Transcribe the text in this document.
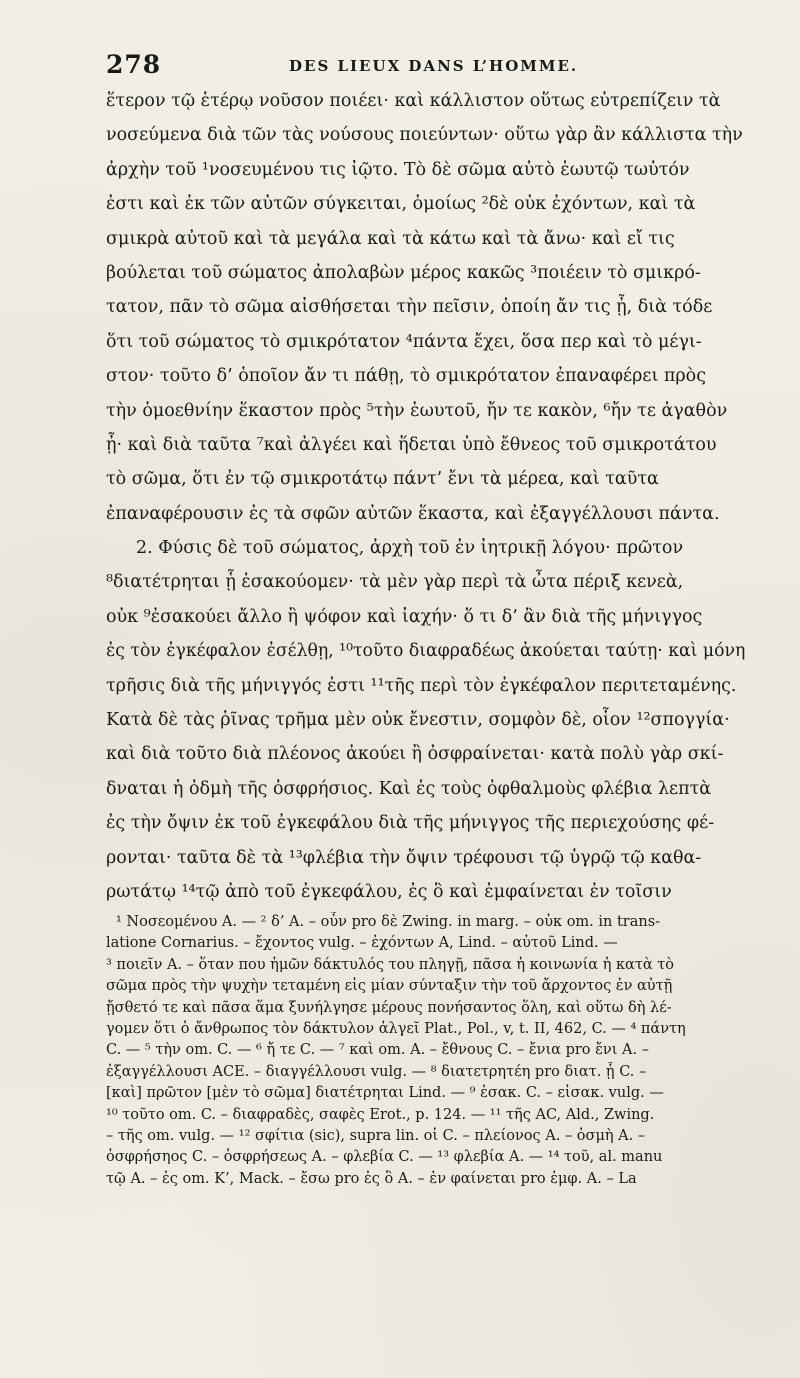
278	DES LIEUX DANS L’HOMME.
ἕτερον τῷ ἑτέρῳ νοῦσον ποιέει· καὶ κάλλιστον οὕτως εὐτρεπίζειν τὰ
νοσεύμενα διὰ τῶν τὰς νούσους ποιεύντων· οὕτω γὰρ ἂν κάλλιστα τὴν
ἀρχὴν τοῦ ¹νοσευμένου τις ἰῷτο. Τὸ δὲ σῶμα αὐτὸ ἑωυτῷ τωὐτόν
ἐστι καὶ ἐκ τῶν αὐτῶν σύγκειται, ὁμοίως ²δὲ οὐκ ἐχόντων, καὶ τὰ
σμικρὰ αὐτοῦ καὶ τὰ μεγάλα καὶ τὰ κάτω καὶ τὰ ἄνω· καὶ εἴ τις
βούλεται τοῦ σώματος ἀπολαβὼν μέρος κακῶς ³ποιέειν τὸ σμικρό-
τατον, πᾶν τὸ σῶμα αἰσθήσεται τὴν πεῖσιν, ὁποίη ἄν τις ᾖ, διὰ τόδε
ὅτι τοῦ σώματος τὸ σμικρότατον ⁴πάντα ἔχει, ὅσα περ καὶ τὸ μέγι-
στον· τοῦτο δ’ ὁποῖον ἄν τι πάθῃ, τὸ σμικρότατον ἐπαναφέρει πρὸς
τὴν ὁμοεθνίην ἕκαστον πρὸς ⁵τὴν ἑωυτοῦ, ἤν τε κακὸν, ⁶ἤν τε ἀγαθὸν
ᾖ· καὶ διὰ ταῦτα ⁷καὶ ἀλγέει καὶ ἥδεται ὑπὸ ἔθνεος τοῦ σμικροτάτου
τὸ σῶμα, ὅτι ἐν τῷ σμικροτάτῳ πάντ’ ἔνι τὰ μέρεα, καὶ ταῦτα
ἐπαναφέρουσιν ἐς τὰ σφῶν αὐτῶν ἕκαστα, καὶ ἐξαγγέλλουσι πάντα.
2. Φύσις δὲ τοῦ σώματος, ἀρχὴ τοῦ ἐν ἰητρικῇ λόγου· πρῶτον
⁸διατέτρηται ᾗ ἐσακούομεν· τὰ μὲν γὰρ περὶ τὰ ὦτα πέριξ κενεὰ,
οὐκ ⁹ἐσακούει ἄλλο ἢ ψόφον καὶ ἰαχήν· ὅ τι δ’ ἂν διὰ τῆς μήνιγγος
ἐς τὸν ἐγκέφαλον ἐσέλθῃ, ¹⁰τοῦτο διαφραδέως ἀκούεται ταύτῃ· καὶ μόνη
τρῆσις διὰ τῆς μήνιγγός ἐστι ¹¹τῆς περὶ τὸν ἐγκέφαλον περιτεταμένης.
Κατὰ δὲ τὰς ῥῖνας τρῆμα μὲν οὐκ ἔνεστιν, σομφὸν δὲ, οἷον ¹²σπογγία·
καὶ διὰ τοῦτο διὰ πλέονος ἀκούει ἢ ὀσφραίνεται· κατὰ πολὺ γὰρ σκί-
δναται ἡ ὀδμὴ τῆς ὀσφρήσιος. Καὶ ἐς τοὺς ὀφθαλμοὺς φλέβια λεπτὰ
ἐς τὴν ὄψιν ἐκ τοῦ ἐγκεφάλου διὰ τῆς μήνιγγος τῆς περιεχούσης φέ-
ρονται· ταῦτα δὲ τὰ ¹³φλέβια τὴν ὄψιν τρέφουσι τῷ ὑγρῷ τῷ καθα-
ρωτάτῳ ¹⁴τῷ ἀπὸ τοῦ ἐγκεφάλου, ἐς ὃ καὶ ἐμφαίνεται ἐν τοῖσιν
¹ Νοσεομένου A. — ² δ’ A. – οὖν pro δὲ Zwing. in marg. – οὐκ om. in trans-
latione Cornarius. – ἔχοντος vulg. – ἐχόντων A, Lind. – αὐτοῦ Lind. —
³ ποιεῖν A. – ὅταν που ἡμῶν δάκτυλός του πληγῇ, πᾶσα ἡ κοινωνία ἡ κατὰ τὸ
σῶμα πρὸς τὴν ψυχὴν τεταμένη εἰς μίαν σύνταξιν τὴν τοῦ ἄρχοντος ἐν αὐτῇ
ᾔσθετό τε καὶ πᾶσα ἅμα ξυνήλγησε μέρους πονήσαντος ὅλη, καὶ οὕτω δὴ λέ-
γομεν ὅτι ὁ ἄνθρωπος τὸν δάκτυλον ἀλγεῖ Plat., Pol., v, t. II, 462, C. — ⁴ πάντη
C. — ⁵ τὴν om. C. — ⁶ ἤ τε C. — ⁷ καὶ om. A. – ἔθνους C. – ἔνια pro ἔνι A. –
ἐξαγγέλλουσι ACE. – διαγγέλλουσι vulg. — ⁸ διατετρητέη pro διατ. ᾗ C. –
[καὶ] πρῶτον [μὲν τὸ σῶμα] διατέτρηται Lind. — ⁹ ἐσακ. C. – εἰσακ. vulg. —
¹⁰ τοῦτο om. C. – διαφραδὲς, σαφὲς Erot., p. 124. — ¹¹ τῆς AC, Ald., Zwing.
– τῆς om. vulg. — ¹² σφίτια (sic), supra lin. οἱ C. – πλείονος A. – ὀσμὴ A. –
ὀσφρήσηος C. – ὀσφρήσεως A. – φλεβία C. — ¹³ φλεβία A. — ¹⁴ τοῦ, al. manu
τῷ A. – ἐς om. K’, Mack. – ἔσω pro ἐς ὃ A. – ἐν φαίνεται pro ἐμφ. A. – La
